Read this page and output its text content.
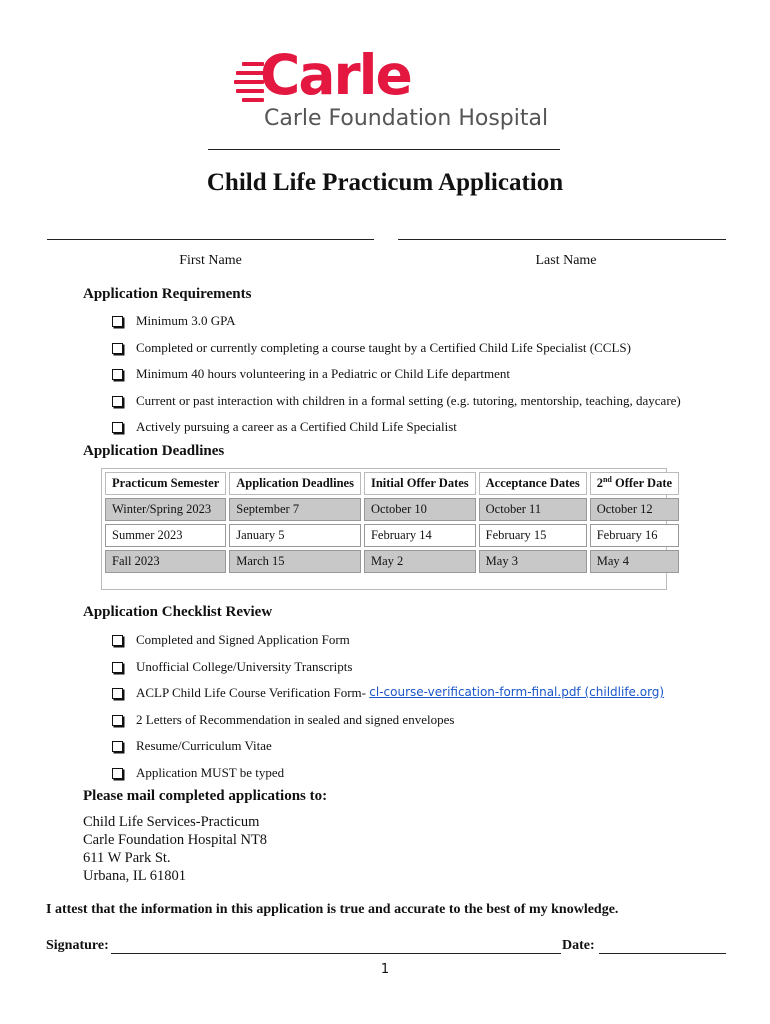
Carle
Carle Foundation Hospital
Child Life Practicum Application
First Name	Last Name
Application Requirements
Minimum 3.0 GPA
Completed or currently completing a course taught by a Certified Child Life Specialist (CCLS)
Minimum 40 hours volunteering in a Pediatric or Child Life department
Current or past interaction with children in a formal setting (e.g. tutoring, mentorship, teaching, daycare)
Actively pursuing a career as a Certified Child Life Specialist
Application Deadlines
Practicum Semester	Application Deadlines	Initial Offer Dates	Acceptance Dates	2nd Offer Date
Winter/Spring 2023	September 7	October 10	October 11	October 12
Summer 2023	January 5	February 14	February 15	February 16
Fall 2023	March 15	May 2	May 3	May 4
Application Checklist Review
Completed and Signed Application Form
Unofficial College/University Transcripts
ACLP Child Life Course Verification Form- cl-course-verification-form-final.pdf (childlife.org)
2 Letters of Recommendation in sealed and signed envelopes
Resume/Curriculum Vitae
Application MUST be typed
Please mail completed applications to:
Child Life Services-Practicum
Carle Foundation Hospital NT8
611 W Park St.
Urbana, IL 61801
I attest that the information in this application is true and accurate to the best of my knowledge.
Signature:	Date:
1
